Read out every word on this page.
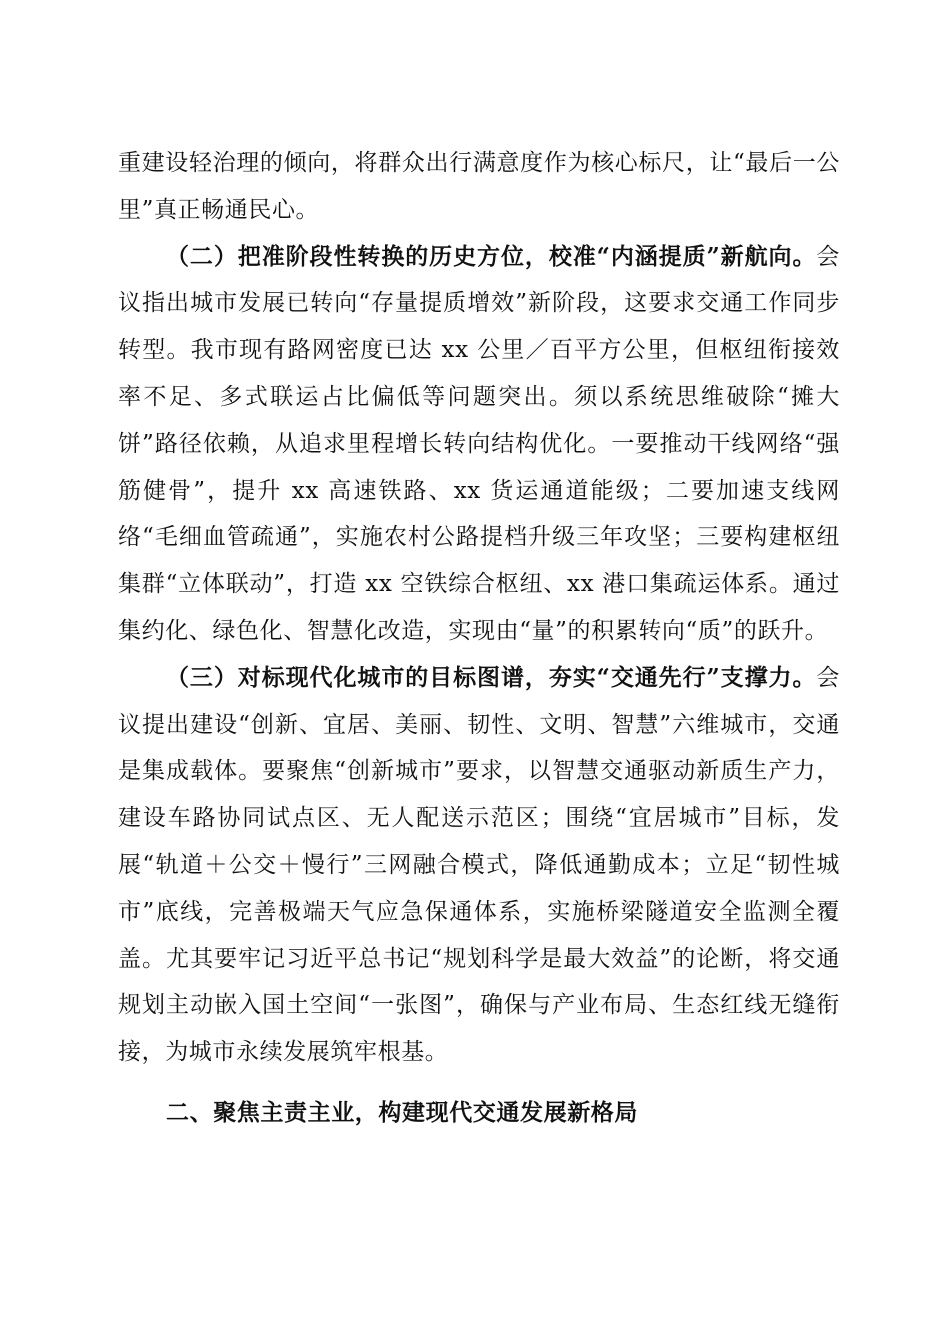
重建设轻治理的倾向，将群众出行满意度作为核心标尺，让“最后一公里”真正畅通民心。

（二）把准阶段性转换的历史方位，校准“内涵提质”新航向。会议指出城市发展已转向“存量提质增效”新阶段，这要求交通工作同步转型。我市现有路网密度已达 xx 公里／百平方公里，但枢纽衔接效率不足、多式联运占比偏低等问题突出。须以系统思维破除“摊大饼”路径依赖，从追求里程增长转向结构优化。一要推动干线网络“强筋健骨”，提升 xx 高速铁路、xx 货运通道能级；二要加速支线网络“毛细血管疏通”，实施农村公路提档升级三年攻坚；三要构建枢纽集群“立体联动”，打造 xx 空铁综合枢纽、xx 港口集疏运体系。通过集约化、绿色化、智慧化改造，实现由“量”的积累转向“质”的跃升。

（三）对标现代化城市的目标图谱，夯实“交通先行”支撑力。会议提出建设“创新、宜居、美丽、韧性、文明、智慧”六维城市，交通是集成载体。要聚焦“创新城市”要求，以智慧交通驱动新质生产力，建设车路协同试点区、无人配送示范区；围绕“宜居城市”目标，发展“轨道＋公交＋慢行”三网融合模式，降低通勤成本；立足“韧性城市”底线，完善极端天气应急保通体系，实施桥梁隧道安全监测全覆盖。尤其要牢记习近平总书记“规划科学是最大效益”的论断，将交通规划主动嵌入国土空间“一张图”，确保与产业布局、生态红线无缝衔接，为城市永续发展筑牢根基。

二、聚焦主责主业，构建现代交通发展新格局
